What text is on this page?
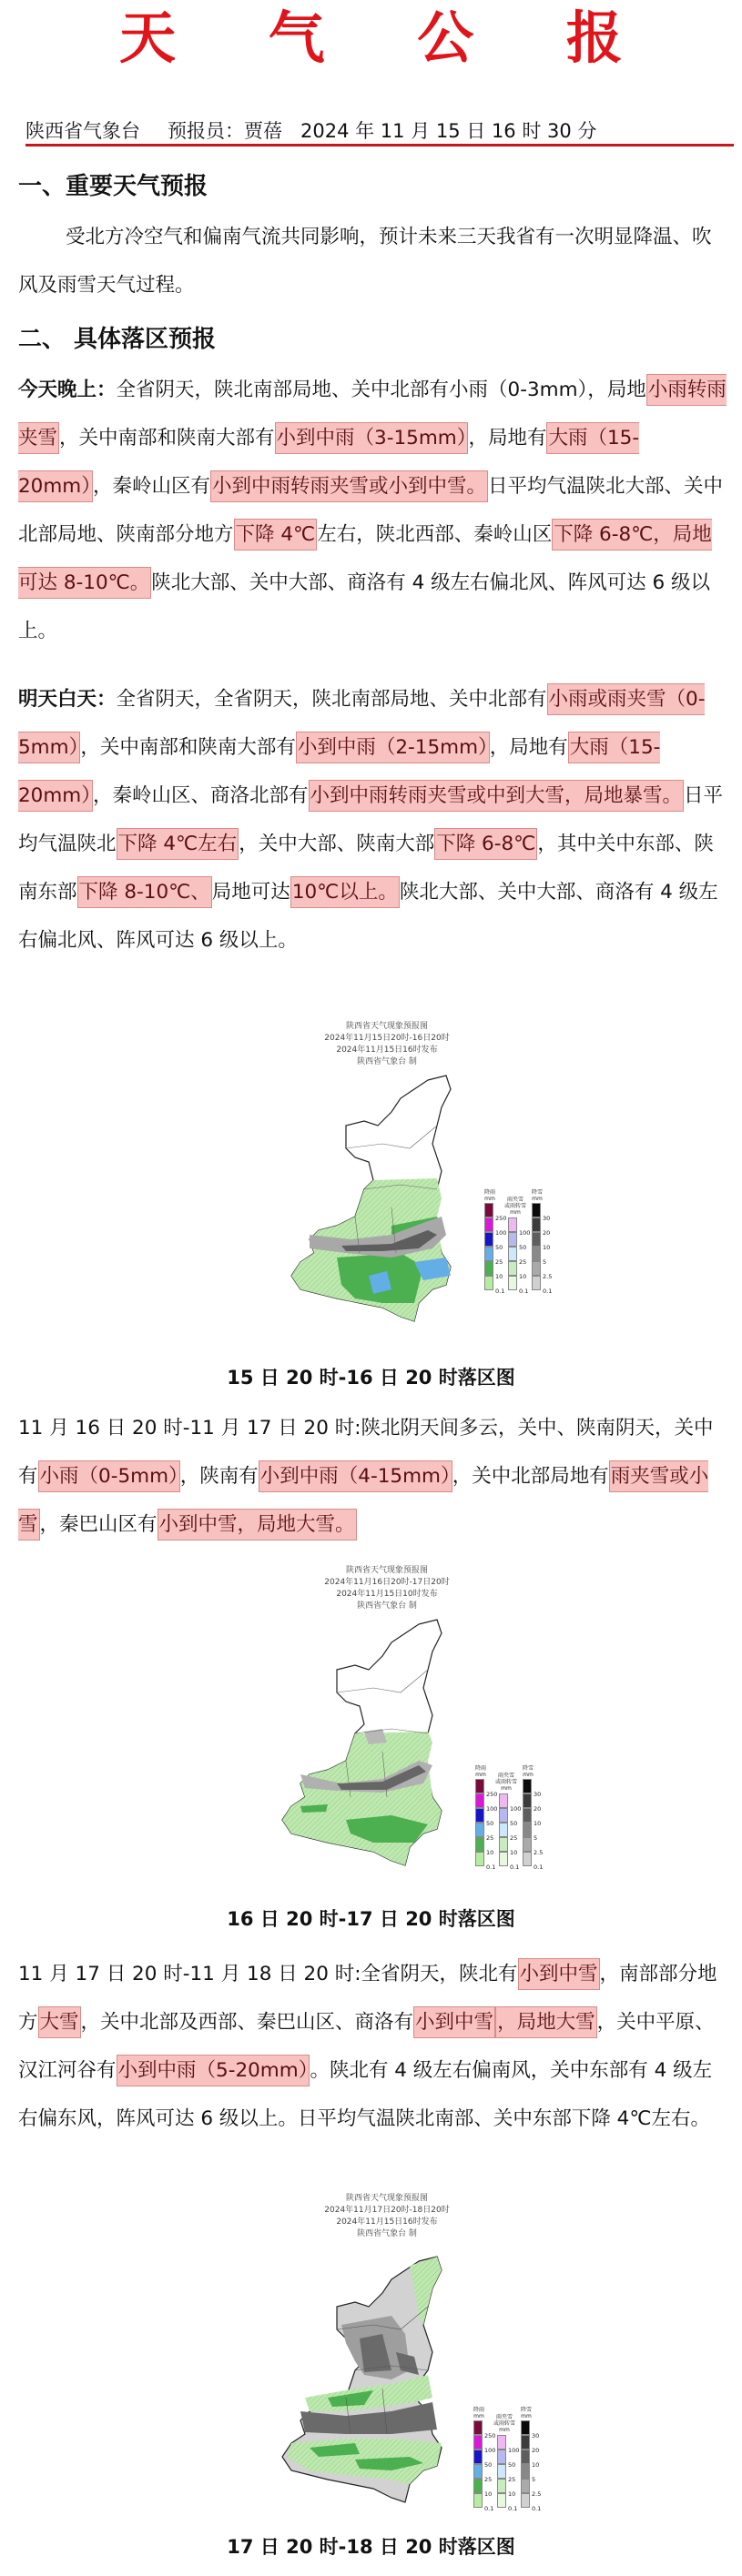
天 气 公 报
陕西省气象台 预报员：贾蓓 2024 年 11 月 15 日 16 时 30 分
一、重要天气预报
受北方冷空气和偏南气流共同影响，预计未来三天我省有一次明显降温、吹风及雨雪天气过程。
二、 具体落区预报
今天晚上：全省阴天，陕北南部局地、关中北部有小雨（0-3mm），局地小雨转雨夹雪，关中南部和陕南大部有小到中雨（3-15mm），局地有大雨（15-20mm），秦岭山区有小到中雨转雨夹雪或小到中雪。日平均气温陕北大部、关中北部局地、陕南部分地方下降 4℃左右，陕北西部、秦岭山区下降 6-8℃，局地可达 8-10℃。陕北大部、关中大部、商洛有 4 级左右偏北风、阵风可达 6 级以上。
明天白天：全省阴天，全省阴天，陕北南部局地、关中北部有小雨或雨夹雪（0-5mm），关中南部和陕南大部有小到中雨（2-15mm），局地有大雨（15-20mm），秦岭山区、商洛北部有小到中雨转雨夹雪或中到大雪，局地暴雪。日平均气温陕北下降 4℃左右，关中大部、陕南大部下降 6-8℃，其中关中东部、陕南东部下降 8-10℃、局地可达10℃以上。陕北大部、关中大部、商洛有 4 级左右偏北风、阵风可达 6 级以上。
陕西省天气现象预报图
2024年11月15日20时-16日20时
2024年11月15日16时发布
陕西省气象台 制
降雨 mm
250
100
50
25
10
0.1
雨夹雪 或雨转雪 mm
100
50
25
10
0.1
降雪 mm
30
20
10
5
2.5
0.1
15 日 20 时-16 日 20 时落区图
11 月 16 日 20 时-11 月 17 日 20 时:陕北阴天间多云，关中、陕南阴天，关中有小雨（0-5mm），陕南有小到中雨（4-15mm），关中北部局地有雨夹雪或小雪，秦巴山区有小到中雪，局地大雪。
陕西省天气现象预报图
2024年11月16日20时-17日20时
2024年11月15日10时发布
陕西省气象台 制
降雨 mm
250
100
50
25
10
0.1
雨夹雪 或雨转雪 mm
100
50
25
10
0.1
降雪 mm
30
20
10
5
2.5
0.1
16 日 20 时-17 日 20 时落区图
11 月 17 日 20 时-11 月 18 日 20 时:全省阴天，陕北有小到中雪，南部部分地方大雪，关中北部及西部、秦巴山区、商洛有小到中雪 ，局地大雪，关中平原、汉江河谷有小到中雨（5-20mm）。陕北有 4 级左右偏南风，关中东部有 4 级左右偏东风，阵风可达 6 级以上。日平均气温陕北南部、关中东部下降 4℃左右。
陕西省天气现象预报图
2024年11月17日20时-18日20时
2024年11月15日16时发布
陕西省气象台 制
降雨 mm
250
100
50
25
10
0.1
雨夹雪 或雨转雪 mm
100
50
25
10
0.1
降雪 mm
30
20
10
5
2.5
0.1
17 日 20 时-18 日 20 时落区图
